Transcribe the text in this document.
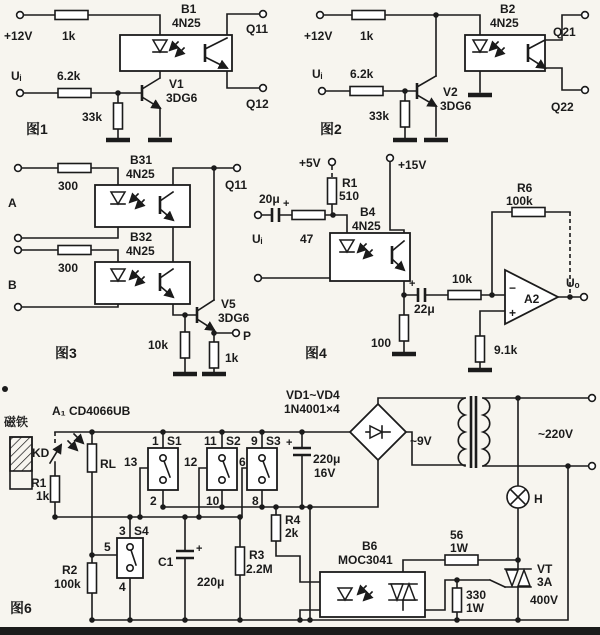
+12V 1k
B1
4N25	Q11
Q12
Uᵢ	6.2k
33k
V1
3DG6
图1
+12V 1k
B2
4N25
Q21
Q22
Uᵢ 6.2k
33k
V2
3DG6
图2
300
A
300
B
B31
4N25
B32
4N25
Q11
V5
3DG6
10k
1k
P
图3
+5V
R1
510
+15V
20μ +
Uᵢ	47
B4
4N25
+
22μ
100
10k
R6
100k
−
+
A2
9.1k
Uₒ
图4
磁铁
A₁ CD4066UB
KD
RL
R1
1k
R2
100k
1 S1
13
2
11 S2
12
10
9 S3
6
8
3 S4
5
4
C1
+
220μ
R3
2.2M
R4
2k
VD1~VD4
1N4001×4
+
220μ
16V
~9V	~220V
H
B6
MOC3041
56
1W
330
1W
VT
3A
400V
图6
